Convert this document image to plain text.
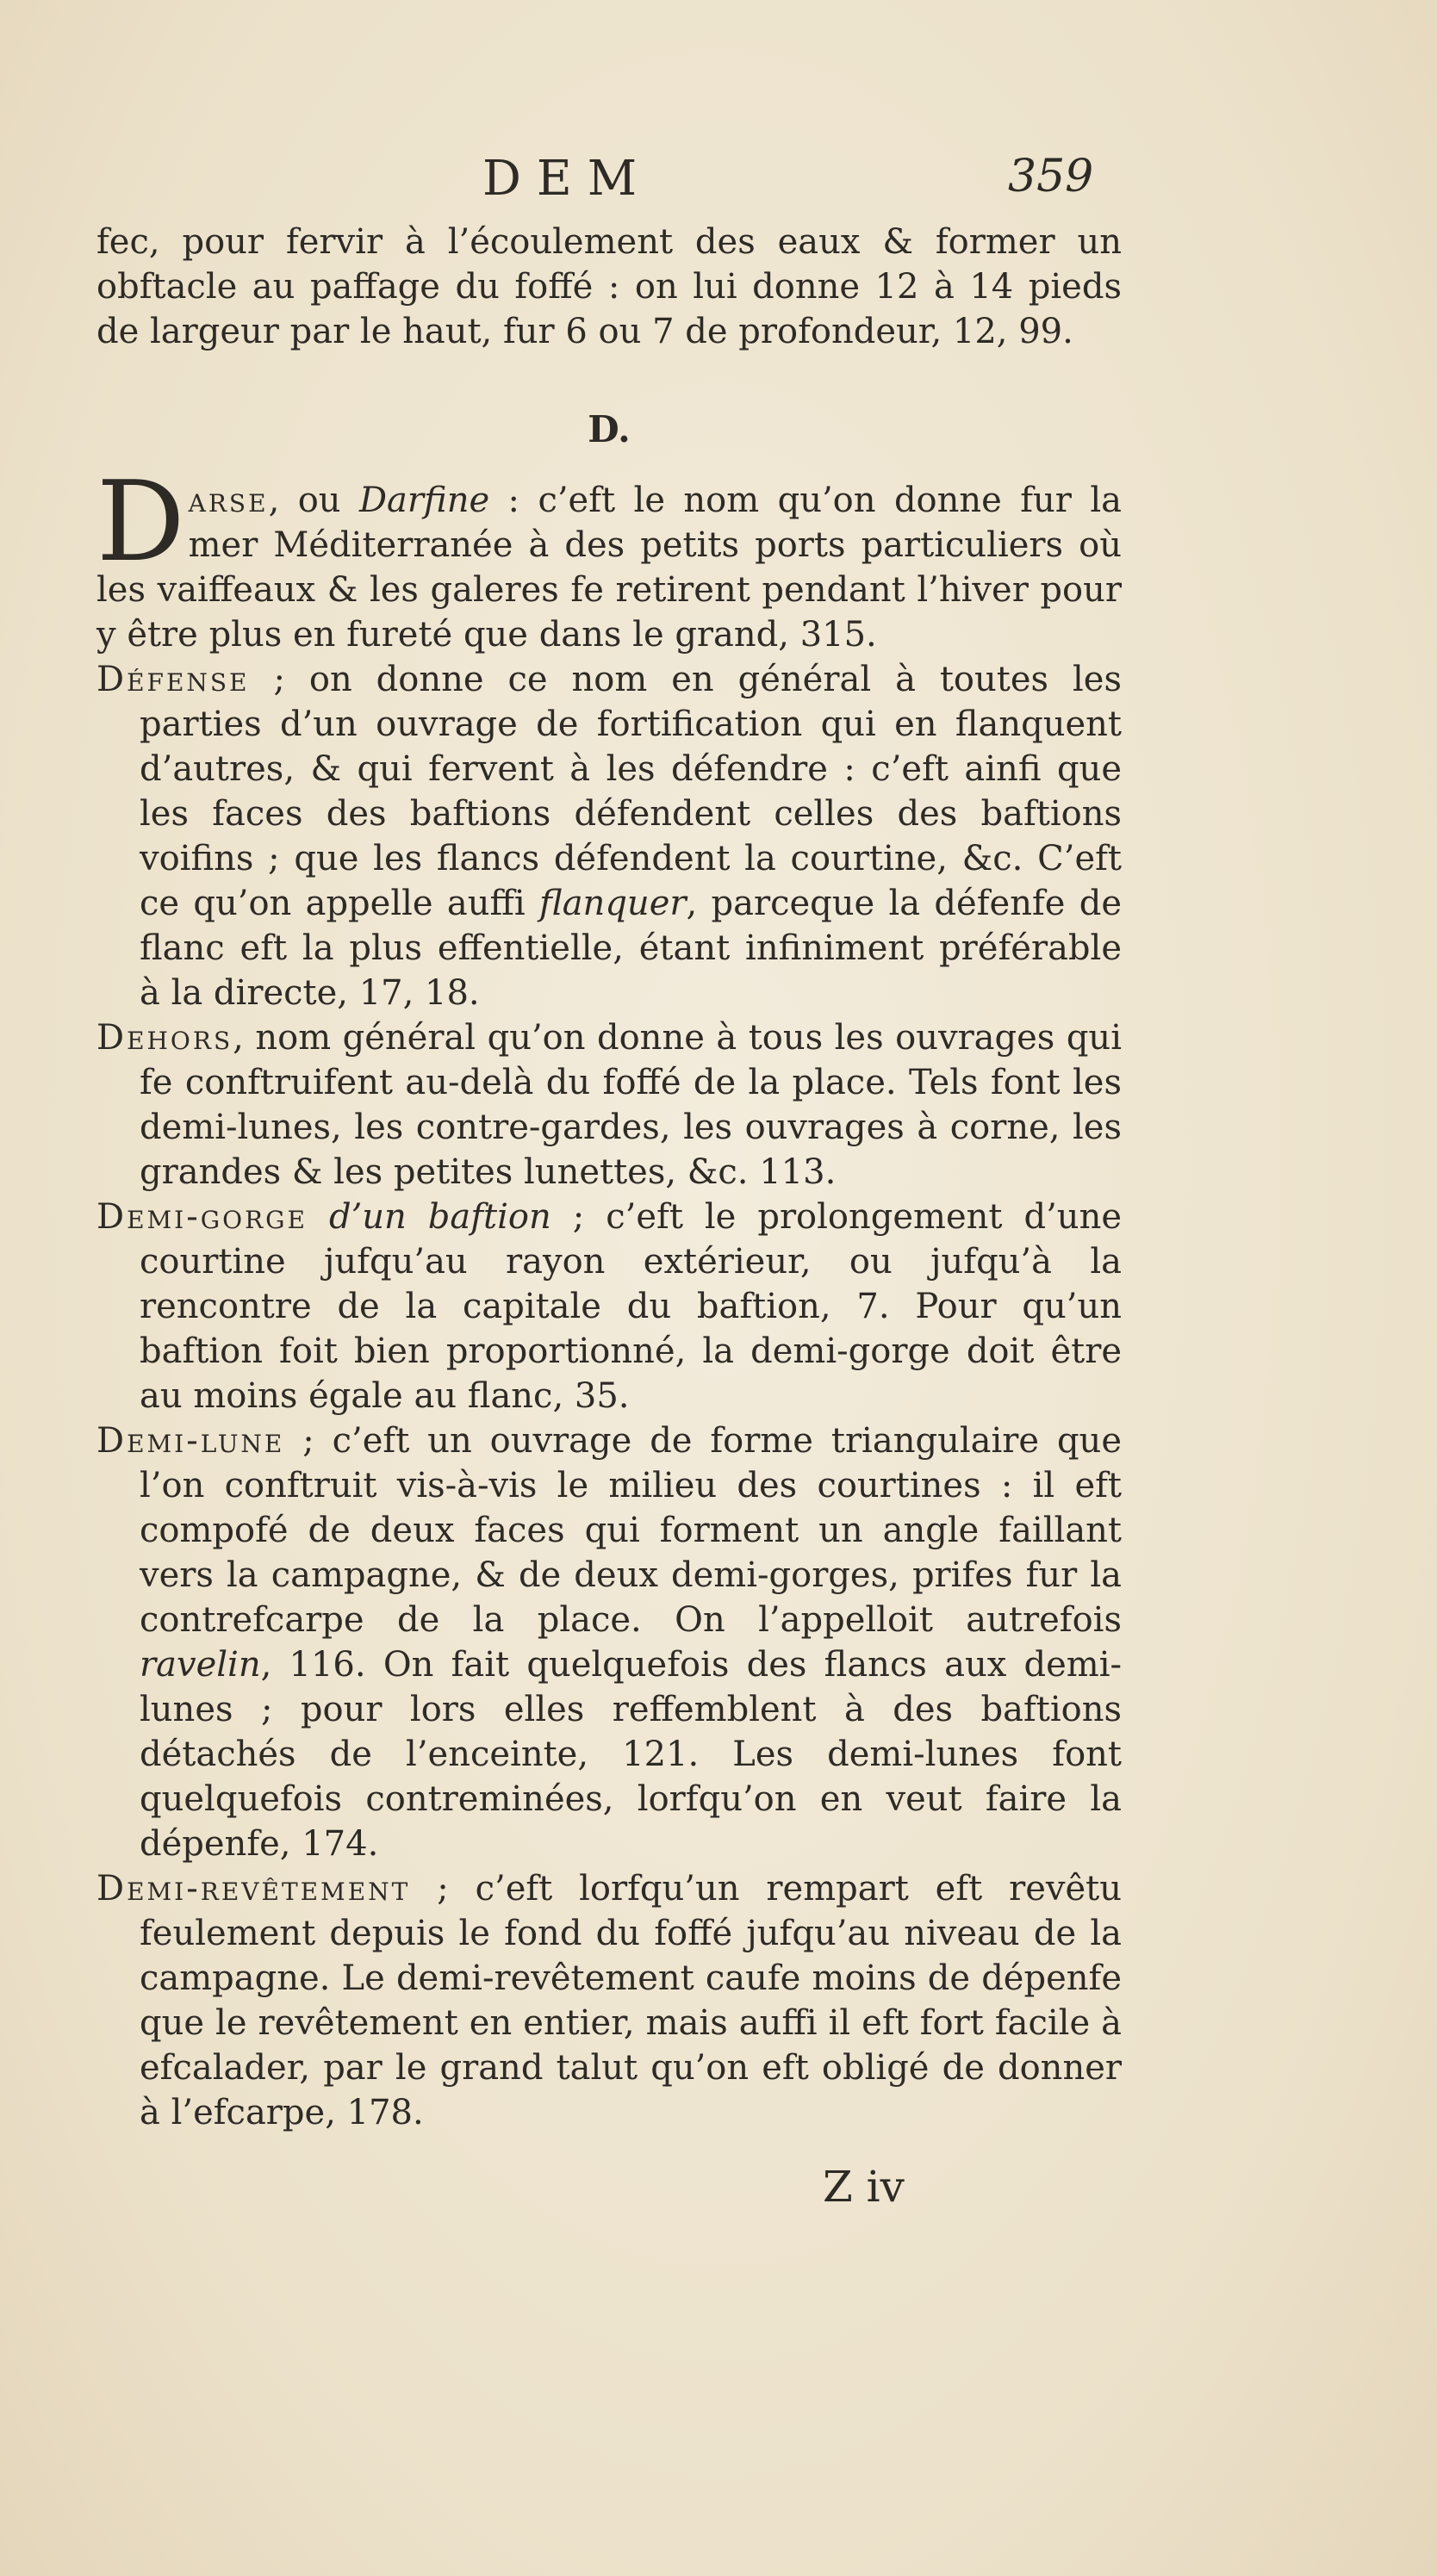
DEM	359

fec, pour fervir à l’écoulement des eaux & former un obftacle au paffage du foffé : on lui donne 12 à 14 pieds de largeur par le haut, fur 6 ou 7 de profondeur, 12, 99.

D.

Darse, ou Darfine : c’eft le nom qu’on donne fur la mer Méditerranée à des petits ports particuliers où les vaiffeaux & les galeres fe retirent pendant l’hiver pour y être plus en fureté que dans le grand, 315.

Défense ; on donne ce nom en général à toutes les parties d’un ouvrage de fortification qui en flanquent d’autres, & qui fervent à les défendre : c’eft ainfi que les faces des baftions défendent celles des baftions voifins ; que les flancs défendent la courtine, &c. C’eft ce qu’on appelle auffi flanquer, parceque la défenfe de flanc eft la plus effentielle, étant infiniment préférable à la directe, 17, 18.

Dehors, nom général qu’on donne à tous les ouvrages qui fe conftruifent au-delà du foffé de la place. Tels font les demi-lunes, les contre-gardes, les ouvrages à corne, les grandes & les petites lunettes, &c. 113.

Demi-gorge d’un baftion ; c’eft le prolongement d’une courtine jufqu’au rayon extérieur, ou jufqu’à la rencontre de la capitale du baftion, 7. Pour qu’un baftion foit bien proportionné, la demi-gorge doit être au moins égale au flanc, 35.

Demi-lune ; c’eft un ouvrage de forme triangulaire que l’on conftruit vis-à-vis le milieu des courtines : il eft compofé de deux faces qui forment un angle faillant vers la campagne, & de deux demi-gorges, prifes fur la contrefcarpe de la place. On l’appelloit autrefois ravelin, 116. On fait quelquefois des flancs aux demi-lunes ; pour lors elles reffemblent à des baftions détachés de l’enceinte, 121. Les demi-lunes font quelquefois contreminées, lorfqu’on en veut faire la dépenfe, 174.

Demi-revêtement ; c’eft lorfqu’un rempart eft revêtu feulement depuis le fond du foffé jufqu’au niveau de la campagne. Le demi-revêtement caufe moins de dépenfe que le revêtement en entier, mais auffi il eft fort facile à efcalader, par le grand talut qu’on eft obligé de donner à l’efcarpe, 178.

Z iv
